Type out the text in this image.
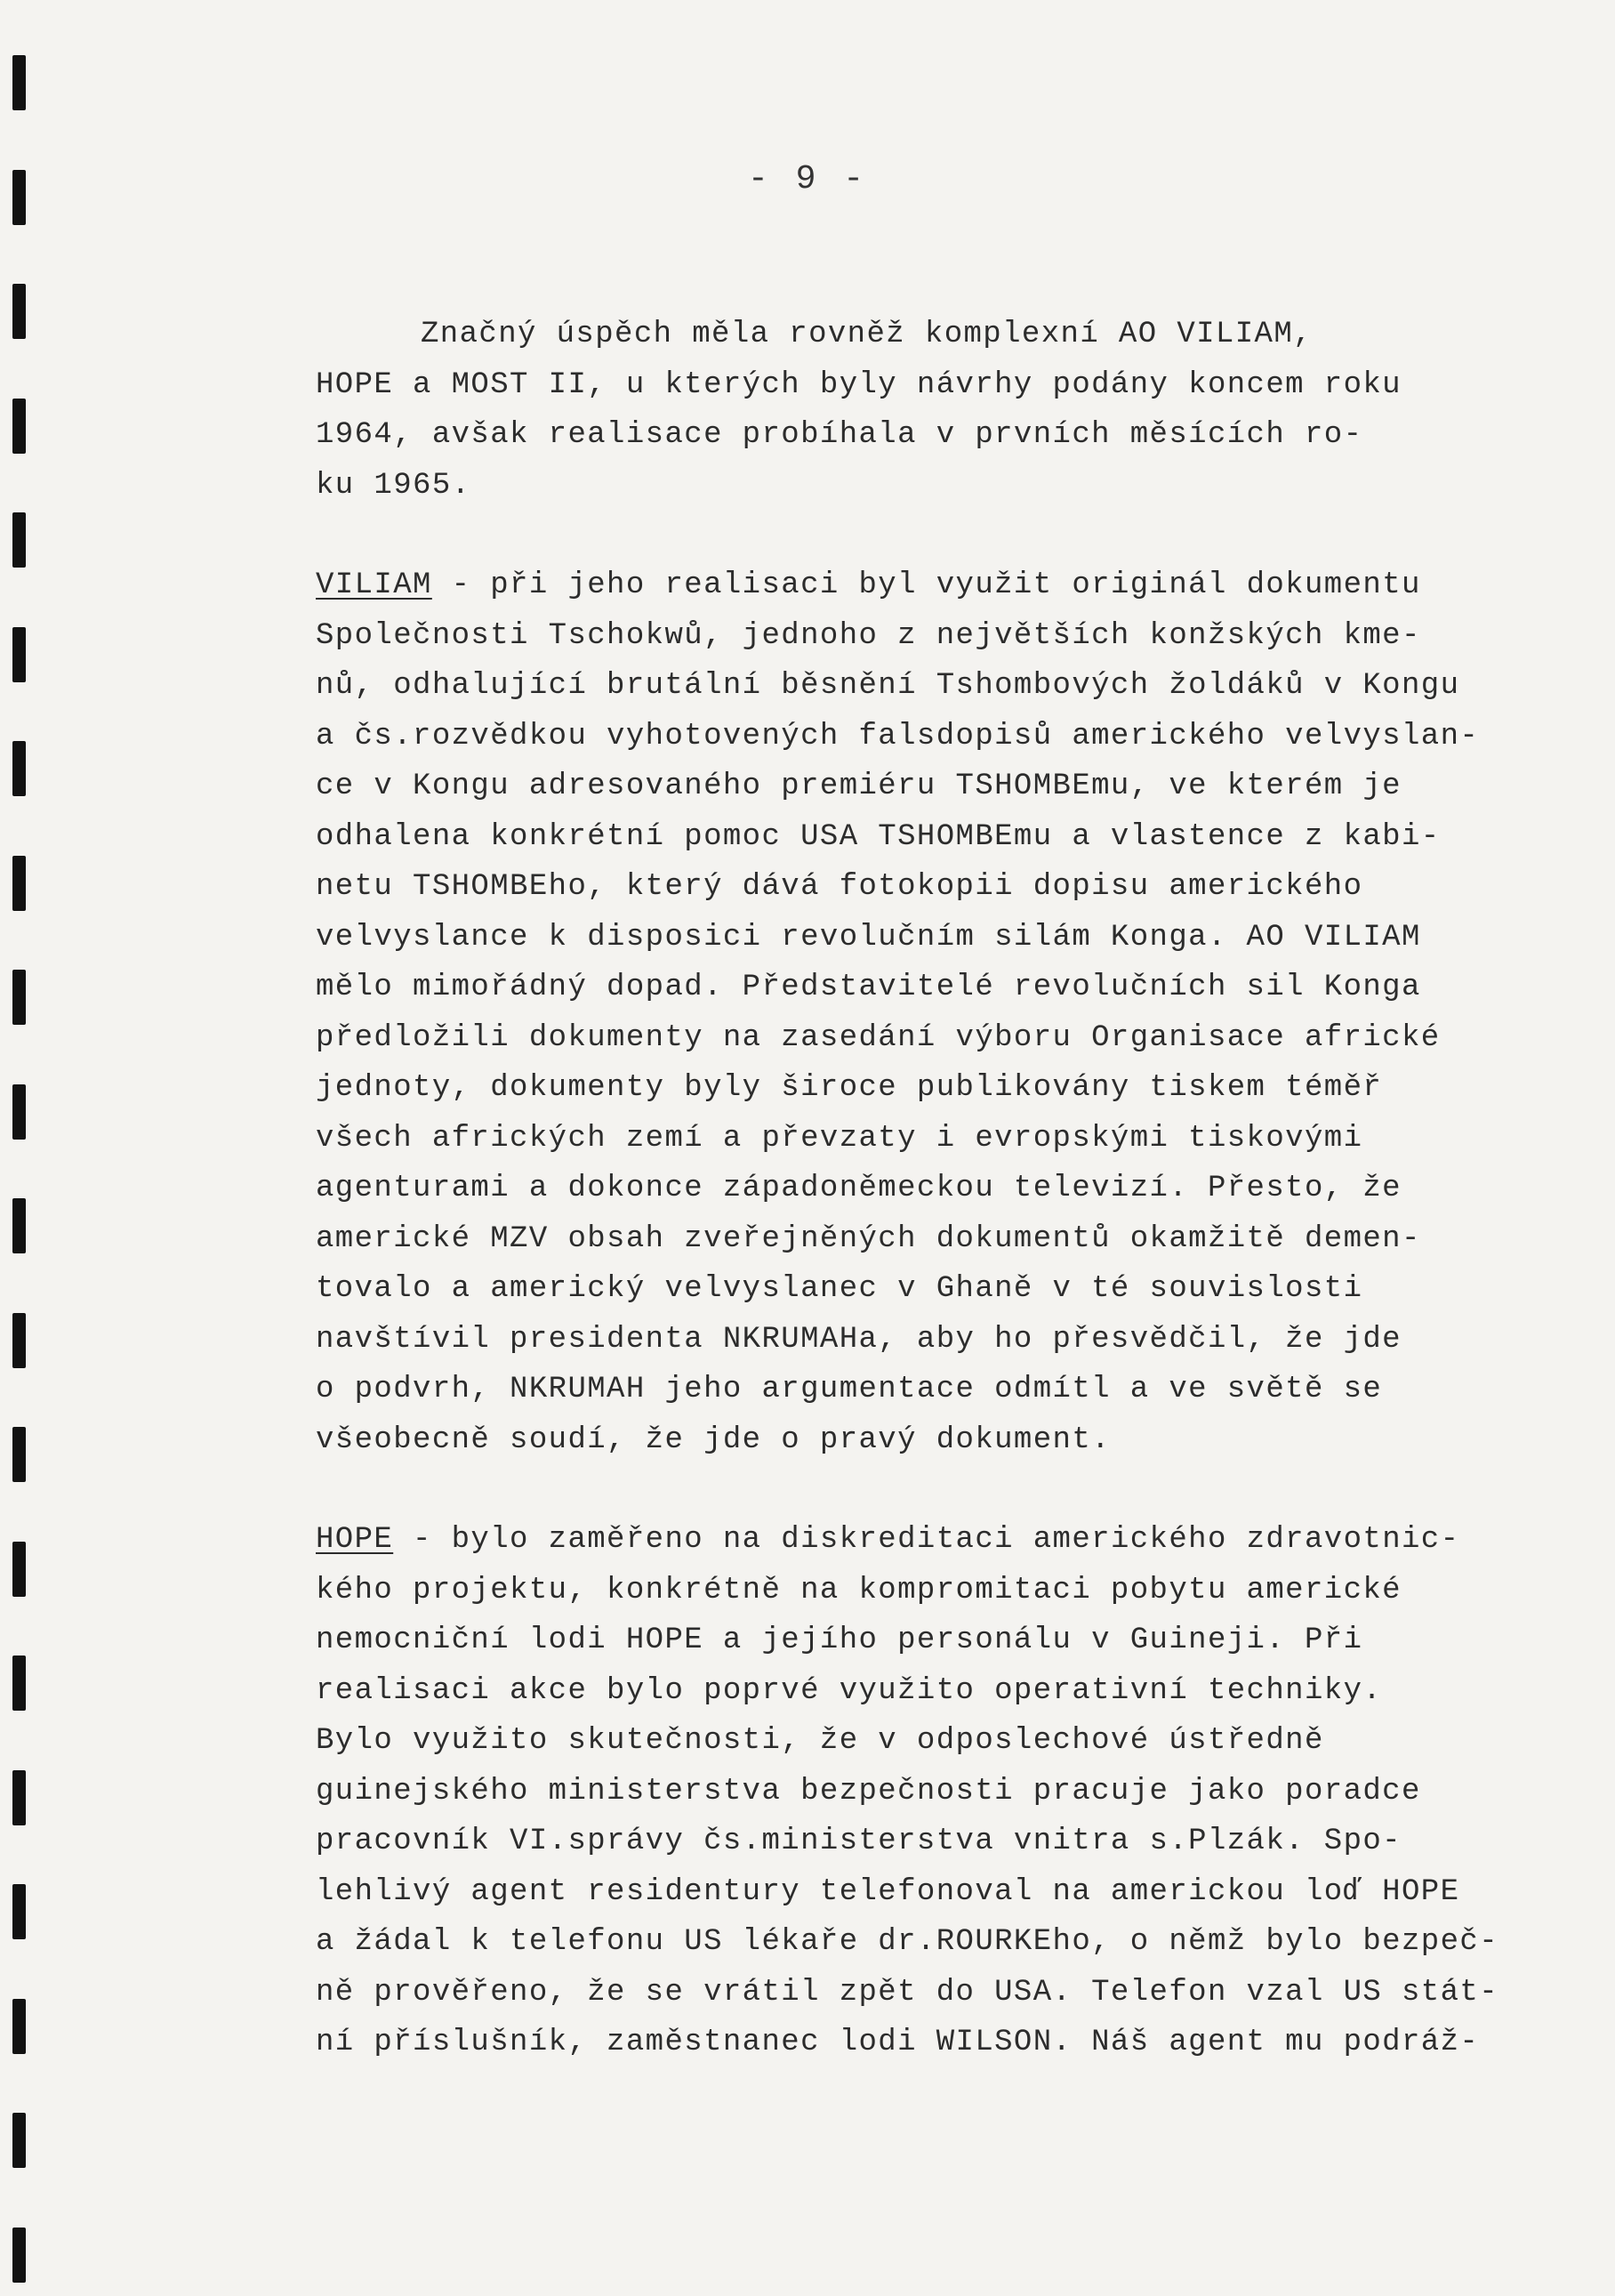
- 9 -
Značný úspěch měla rovněž komplexní AO VILIAM,
HOPE a MOST II, u kterých byly návrhy podány koncem roku
1964, avšak realisace probíhala v prvních měsících ro-
ku 1965.
VILIAM - při jeho realisaci byl využit originál dokumentu
Společnosti Tschokwů, jednoho z největších konžských kme-
nů, odhalující brutální běsnění Tshombových žoldáků v Kongu
a čs.rozvědkou vyhotovených falsdopisů amerického velvyslan-
ce v Kongu adresovaného premiéru TSHOMBEmu, ve kterém je
odhalena konkrétní pomoc USA TSHOMBEmu a vlastence z kabi-
netu TSHOMBEho, který dává fotokopii dopisu amerického
velvyslance k disposici revolučním silám Konga. AO VILIAM
mělo mimořádný dopad. Představitelé revolučních sil Konga
předložili dokumenty na zasedání výboru Organisace africké
jednoty, dokumenty byly široce publikovány tiskem téměř
všech afrických zemí a převzaty i evropskými tiskovými
agenturami a dokonce západoněmeckou televizí. Přesto, že
americké MZV obsah zveřejněných dokumentů okamžitě demen-
tovalo a americký velvyslanec v Ghaně v té souvislosti
navštívil presidenta NKRUMAHa, aby ho přesvědčil, že jde
o podvrh, NKRUMAH jeho argumentace odmítl a ve světě se
všeobecně soudí, že jde o pravý dokument.
HOPE - bylo zaměřeno na diskreditaci amerického zdravotnic-
kého projektu, konkrétně na kompromitaci pobytu americké
nemocniční lodi HOPE a jejího personálu v Guineji. Při
realisaci akce bylo poprvé využito operativní techniky.
Bylo využito skutečnosti, že v odposlechové ústředně
guinejského ministerstva bezpečnosti pracuje jako poradce
pracovník VI.správy čs.ministerstva vnitra s.Plzák. Spo-
lehlivý agent residentury telefonoval na americkou loď HOPE
a žádal k telefonu US lékaře dr.ROURKEho, o němž bylo bezpeč-
ně prověřeno, že se vrátil zpět do USA. Telefon vzal US stát-
ní příslušník, zaměstnanec lodi WILSON. Náš agent mu podráž-
